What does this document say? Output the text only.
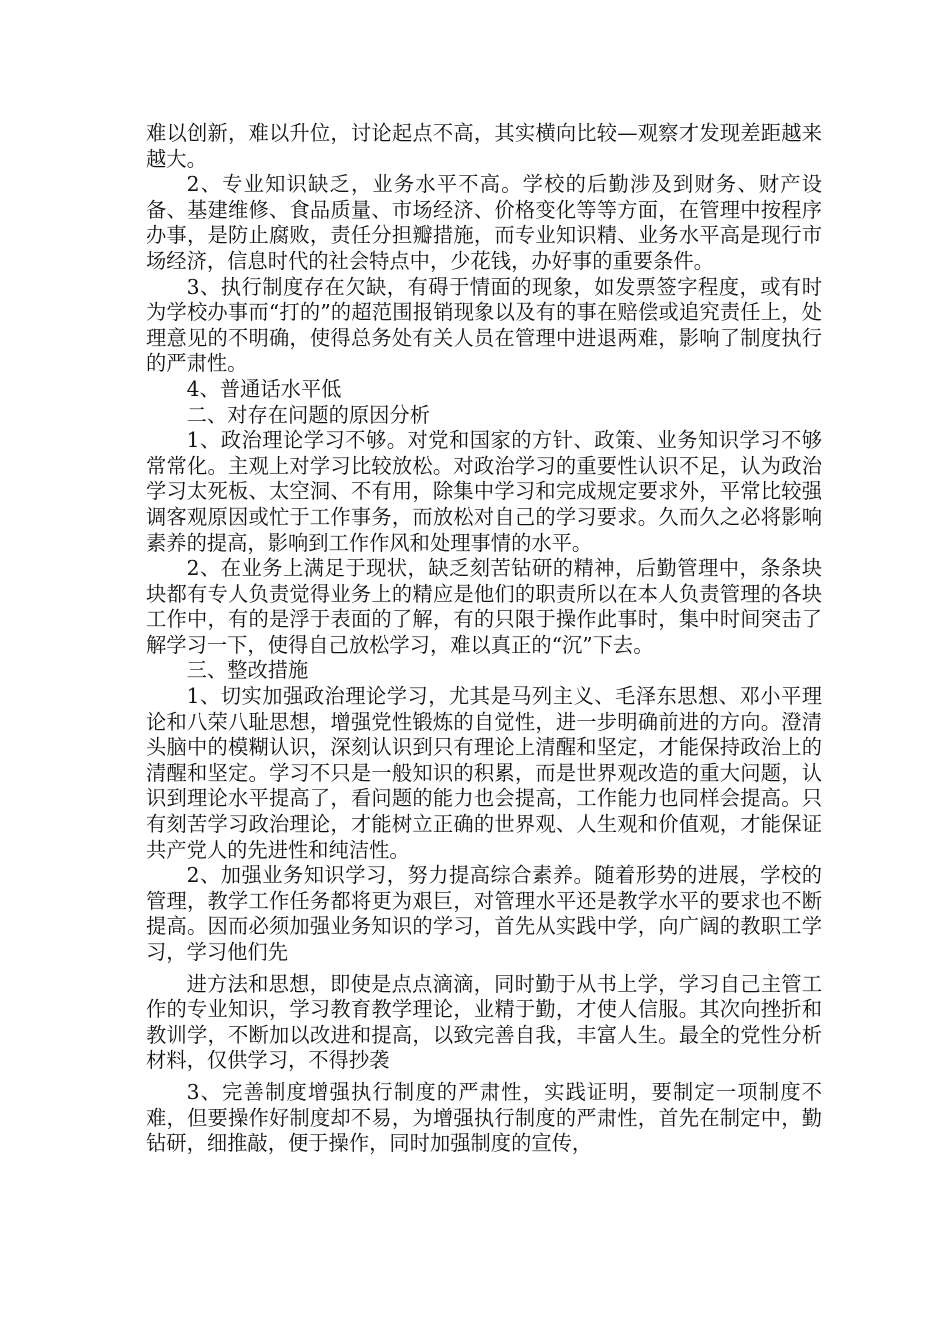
难以创新，难以升位，讨论起点不高，其实横向比较—观察才发现差距越来越大。

2、专业知识缺乏，业务水平不高。学校的后勤涉及到财务、财产设备、基建维修、食品质量、市场经济、价格变化等等方面，在管理中按程序办事，是防止腐败，责任分担瓣措施，而专业知识精、业务水平高是现行市场经济，信息时代的社会特点中，少花钱，办好事的重要条件。

3、执行制度存在欠缺，有碍于情面的现象，如发票签字程度，或有时为学校办事而“打的”的超范围报销现象以及有的事在赔偿或追究责任上，处理意见的不明确，使得总务处有关人员在管理中进退两难，影响了制度执行的严肃性。

4、普通话水平低

二、对存在问题的原因分析

1、政治理论学习不够。对党和国家的方针、政策、业务知识学习不够常常化。主观上对学习比较放松。对政治学习的重要性认识不足，认为政治学习太死板、太空洞、不有用，除集中学习和完成规定要求外，平常比较强调客观原因或忙于工作事务，而放松对自己的学习要求。久而久之必将影响素养的提高，影响到工作作风和处理事情的水平。

2、在业务上满足于现状，缺乏刻苦钻研的精神，后勤管理中，条条块块都有专人负责觉得业务上的精应是他们的职责所以在本人负责管理的各块工作中，有的是浮于表面的了解，有的只限于操作此事时，集中时间突击了解学习一下，使得自己放松学习，难以真正的“沉”下去。

三、整改措施

1、切实加强政治理论学习，尤其是马列主义、毛泽东思想、邓小平理论和八荣八耻思想，增强党性锻炼的自觉性，进一步明确前进的方向。澄清头脑中的模糊认识，深刻认识到只有理论上清醒和坚定，才能保持政治上的清醒和坚定。学习不只是一般知识的积累，而是世界观改造的重大问题，认识到理论水平提高了，看问题的能力也会提高，工作能力也同样会提高。只有刻苦学习政治理论，才能树立正确的世界观、人生观和价值观，才能保证共产党人的先进性和纯洁性。

2、加强业务知识学习，努力提高综合素养。随着形势的进展，学校的管理，教学工作任务都将更为艰巨，对管理水平还是教学水平的要求也不断提高。因而必须加强业务知识的学习，首先从实践中学，向广阔的教职工学习，学习他们先

进方法和思想，即使是点点滴滴，同时勤于从书上学，学习自己主管工作的专业知识，学习教育教学理论，业精于勤，才使人信服。其次向挫折和教训学，不断加以改进和提高，以致完善自我，丰富人生。最全的党性分析材料，仅供学习，不得抄袭

3、完善制度增强执行制度的严肃性，实践证明，要制定一项制度不难，但要操作好制度却不易，为增强执行制度的严肃性，首先在制定中，勤钻研，细推敲，便于操作，同时加强制度的宣传，
